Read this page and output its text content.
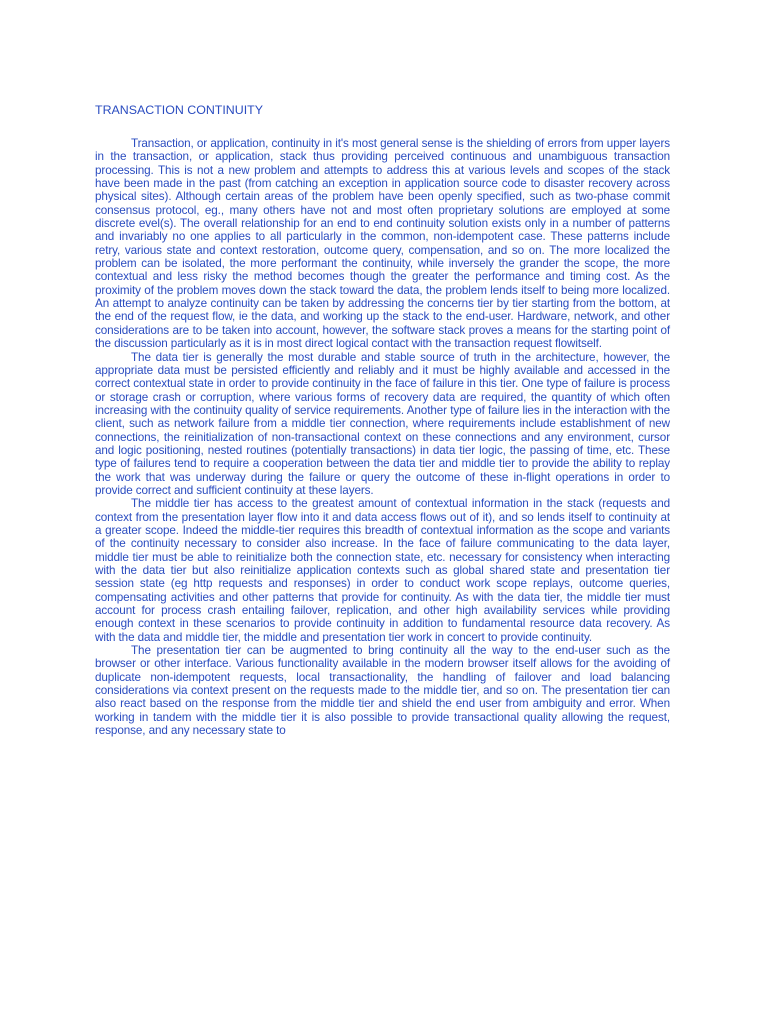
TRANSACTION CONTINUITY

Transaction, or application, continuity in it's most general sense is the shielding of errors from upper layers in the transaction, or application, stack thus providing perceived continuous and unambiguous transaction processing. This is not a new problem and attempts to address this at various levels and scopes of the stack have been made in the past (from catching an exception in application source code to disaster recovery across physical sites). Although certain areas of the problem have been openly specified, such as two-phase commit consensus protocol, eg., many others have not and most often proprietary solutions are employed at some discrete evel(s). The overall relationship for an end to end continuity solution exists only in a number of patterns and invariably no one applies to all particularly in the common, non-idempotent case. These patterns include retry, various state and context restoration, outcome query, compensation, and so on. The more localized the problem can be isolated, the more performant the continuity, while inversely the grander the scope, the more contextual and less risky the method becomes though the greater the performance and timing cost. As the proximity of the problem moves down the stack toward the data, the problem lends itself to being more localized. An attempt to analyze continuity can be taken by addressing the concerns tier by tier starting from the bottom, at the end of the request flow, ie the data, and working up the stack to the end-user. Hardware, network, and other considerations are to be taken into account, however, the software stack proves a means for the starting point of the discussion particularly as it is in most direct logical contact with the transaction request flowitself.

The data tier is generally the most durable and stable source of truth in the architecture, however, the appropriate data must be persisted efficiently and reliably and it must be highly available and accessed in the correct contextual state in order to provide continuity in the face of failure in this tier. One type of failure is process or storage crash or corruption, where various forms of recovery data are required, the quantity of which often increasing with the continuity quality of service requirements. Another type of failure lies in the interaction with the client, such as network failure from a middle tier connection, where requirements include establishment of new connections, the reinitialization of non-transactional context on these connections and any environment, cursor and logic positioning, nested routines (potentially transactions) in data tier logic, the passing of time, etc. These type of failures tend to require a cooperation between the data tier and middle tier to provide the ability to replay the work that was underway during the failure or query the outcome of these in-flight operations in order to provide correct and sufficient continuity at these layers.

The middle tier has access to the greatest amount of contextual information in the stack (requests and context from the presentation layer flow into it and data access flows out of it), and so lends itself to continuity at a greater scope. Indeed the middle-tier requires this breadth of contextual information as the scope and variants of the continuity necessary to consider also increase. In the face of failure communicating to the data layer, middle tier must be able to reinitialize both the connection state, etc. necessary for consistency when interacting with the data tier but also reinitialize application contexts such as global shared state and presentation tier session state (eg http requests and responses) in order to conduct work scope replays, outcome queries, compensating activities and other patterns that provide for continuity. As with the data tier, the middle tier must account for process crash entailing failover, replication, and other high availability services while providing enough context in these scenarios to provide continuity in addition to fundamental resource data recovery. As with the data and middle tier, the middle and presentation tier work in concert to provide continuity.

The presentation tier can be augmented to bring continuity all the way to the end-user such as the browser or other interface. Various functionality available in the modern browser itself allows for the avoiding of duplicate non-idempotent requests, local transactionality, the handling of failover and load balancing considerations via context present on the requests made to the middle tier, and so on. The presentation tier can also react based on the response from the middle tier and shield the end user from ambiguity and error. When working in tandem with the middle tier it is also possible to provide transactional quality allowing the request, response, and any necessary state to
